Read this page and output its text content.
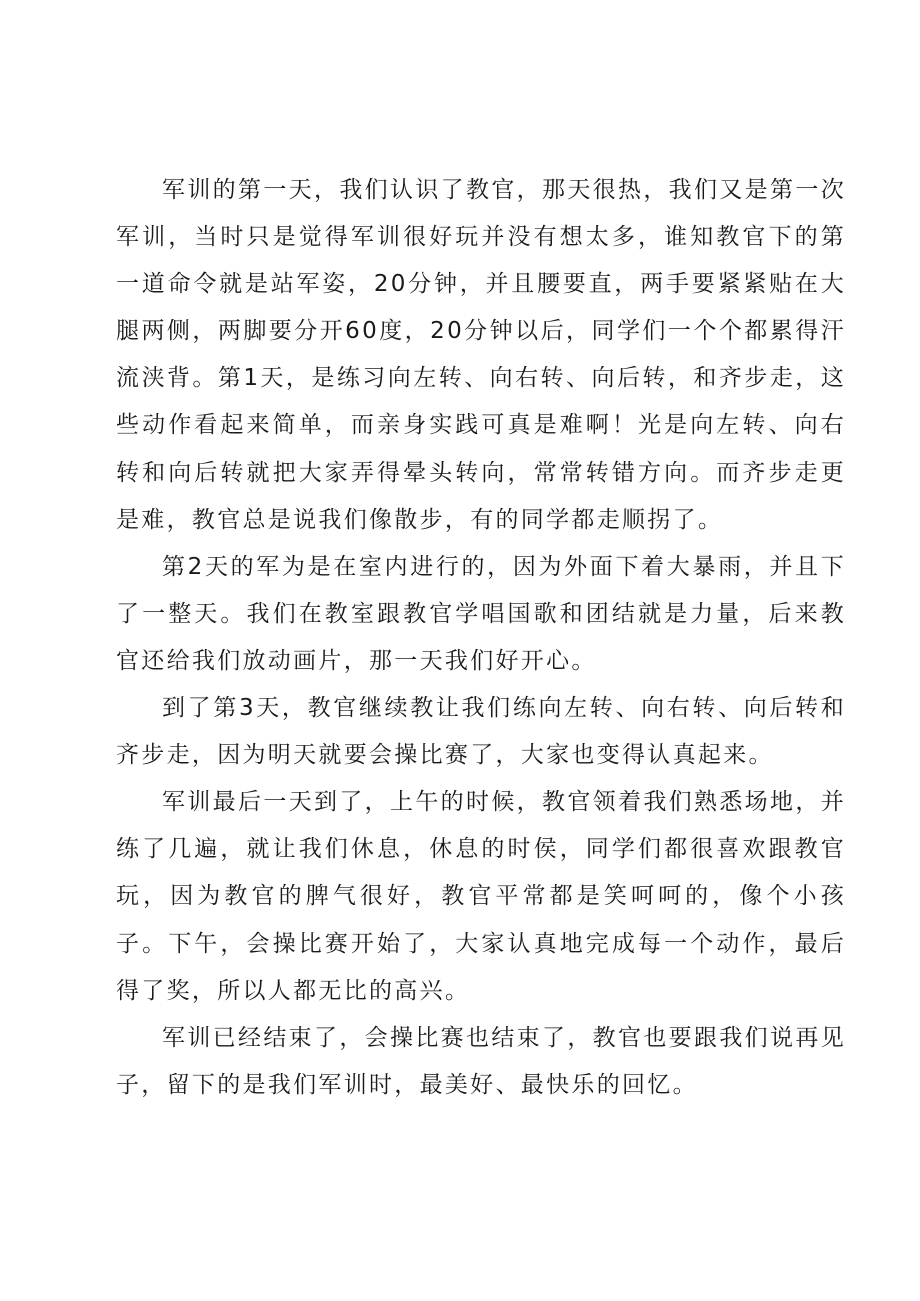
军训的第一天，我们认识了教官，那天很热，我们又是第一次军训，当时只是觉得军训很好玩并没有想太多，谁知教官下的第一道命令就是站军姿，20分钟，并且腰要直，两手要紧紧贴在大腿两侧，两脚要分开60度，20分钟以后，同学们一个个都累得汗流浃背。第1天，是练习向左转、向右转、向后转，和齐步走，这些动作看起来简单，而亲身实践可真是难啊！光是向左转、向右转和向后转就把大家弄得晕头转向，常常转错方向。而齐步走更是难，教官总是说我们像散步，有的同学都走顺拐了。

第2天的军为是在室内进行的，因为外面下着大暴雨，并且下了一整天。我们在教室跟教官学唱国歌和团结就是力量，后来教官还给我们放动画片，那一天我们好开心。

到了第3天，教官继续教让我们练向左转、向右转、向后转和齐步走，因为明天就要会操比赛了，大家也变得认真起来。

军训最后一天到了，上午的时候，教官领着我们熟悉场地，并练了几遍，就让我们休息，休息的时侯，同学们都很喜欢跟教官玩，因为教官的脾气很好，教官平常都是笑呵呵的，像个小孩子。下午，会操比赛开始了，大家认真地完成每一个动作，最后得了奖，所以人都无比的高兴。

军训已经结束了，会操比赛也结束了，教官也要跟我们说再见子，留下的是我们军训时，最美好、最快乐的回忆。
